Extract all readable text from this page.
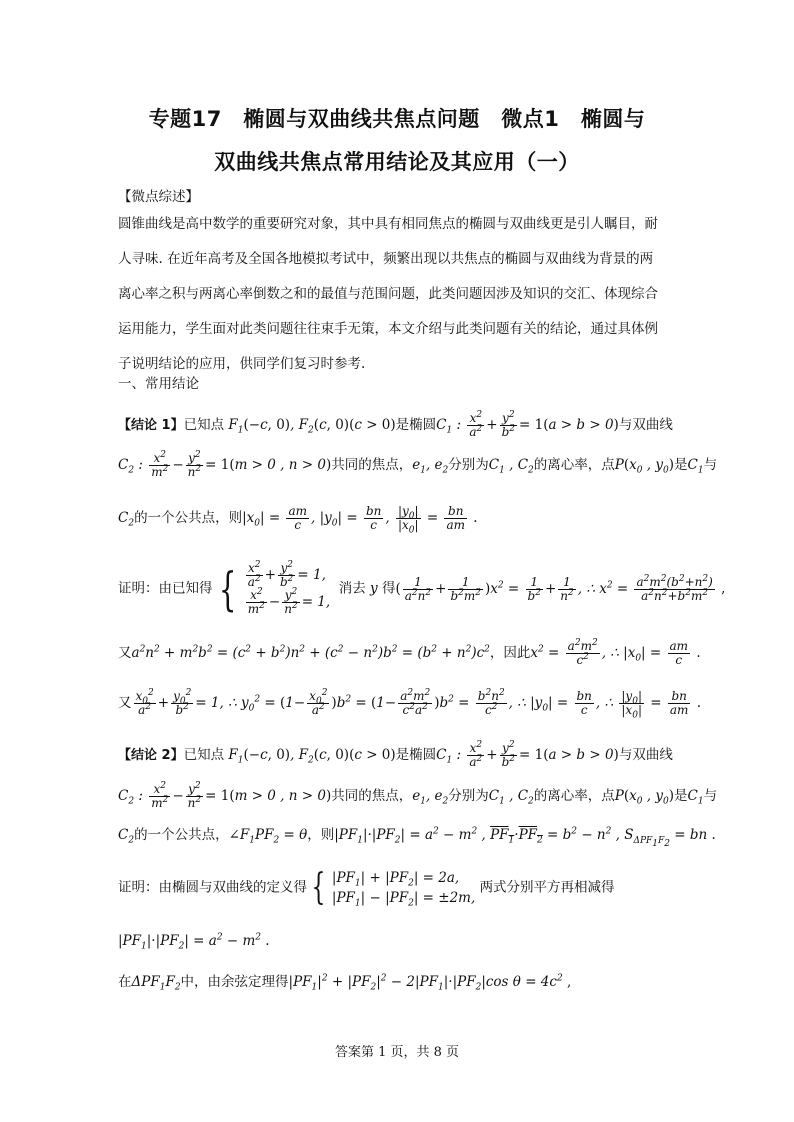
专题17　椭圆与双曲线共焦点问题　微点1　椭圆与
双曲线共焦点常用结论及其应用（一）
【微点综述】
圆锥曲线是高中数学的重要研究对象，其中具有相同焦点的椭圆与双曲线更是引人瞩目，耐
人寻味. 在近年高考及全国各地模拟考试中，频繁出现以共焦点的椭圆与双曲线为背景的两
离心率之积与两离心率倒数之和的最值与范围问题，此类问题因涉及知识的交汇、体现综合
运用能力，学生面对此类问题往往束手无策，本文介绍与此类问题有关的结论，通过具体例
子说明结论的应用，供同学们复习时参考.
一、常用结论
【结论 1】已知点 $F_1(-c$, 0), $F_2(c$, 0)(c > 0)是椭圆$C_1$ : $\frac{x^2}{a^2} + \frac{y^2}{b^2} = 1(a > b > 0)$与双曲线
$C_2$ : $\frac{x^2}{m^2} - \frac{y^2}{n^2} = 1(m > 0$ , n > 0)共同的焦点，$e_1$, $e_2$分别为$C_1$ , $C_2$的离心率，点$P(x_0$ , $y_0$)是$C_1$与
$C_2$的一个公共点，则$|x_0| = \frac{am}{c}$ , $|y_0| = \frac{bn}{c}$ , $\frac{|y_0|}{|x_0|} = \frac{bn}{am}$ .
证明：由已知得 { $\frac{x^2}{a^2} + \frac{y^2}{b^2} = 1$,
$\frac{x^2}{m^2} - \frac{y^2}{n^2} = 1$,
消去 y 得( $\frac{1}{a^2n^2} + \frac{1}{b^2m^2} )x^2 = \frac{1}{b^2} + \frac{1}{n^2}$ , ∴ $x^2 = \frac{a^2m^2(b^2+n^2)}{a^2n^2+b^2m^2}$ ,
又$a^2n^2 + m^2b^2 = (c^2 + b^2)n^2 + (c^2 - n^2)b^2 = (b^2 + n^2)c^2$，因此$x^2 = \frac{a^2m^2}{c^2}$ , ∴ $|x_0| = \frac{am}{c}$ .
又 $\frac{x_0^2}{a^2} + \frac{y_0^2}{b^2} = 1$, ∴ $y_0^2 = (1- \frac{x_0^2}{a^2} )b^2 = (1- \frac{a^2m^2}{c^2a^2} )b^2 = \frac{b^2n^2}{c^2}$ , ∴ $|y_0| = \frac{bn}{c}$ , ∴ $\frac{|y_0|}{|x_0|} = \frac{bn}{am}$ .
【结论 2】已知点 $F_1(-c$, 0), $F_2(c$, 0)(c > 0)是椭圆$C_1$ : $\frac{x^2}{a^2} + \frac{y^2}{b^2} = 1(a > b > 0)$与双曲线
$C_2$ : $\frac{x^2}{m^2} - \frac{y^2}{n^2} = 1(m > 0$ , n > 0)共同的焦点，$e_1$, $e_2$分别为$C_1$ , $C_2$的离心率，点$P(x_0$ , $y_0$)是$C_1$与
$C_2$的一个公共点，$\angle F_1PF_2 = \theta$，则$|PF_1|\cdot|PF_2| = a^2 - m^2$ , $PF_1\cdot PF_2 = b^2 - n^2$ , $S_{\Delta PF_1F_2}$ = bn .
证明：由椭圆与双曲线的定义得 { $|PF_1| + |PF_2| = 2a$,
$|PF_1| - |PF_2| = \pm 2m$,
两式分别平方再相减得
$|PF_1|\cdot|PF_2| = a^2 - m^2$ .
在$\Delta PF_1F_2$中，由余弦定理得$|PF_1|^2 + |PF_2|^2 - 2|PF_1|\cdot|PF_2|\cos$ $\theta = 4c^2$ ,
答案第 1 页，共 8 页
